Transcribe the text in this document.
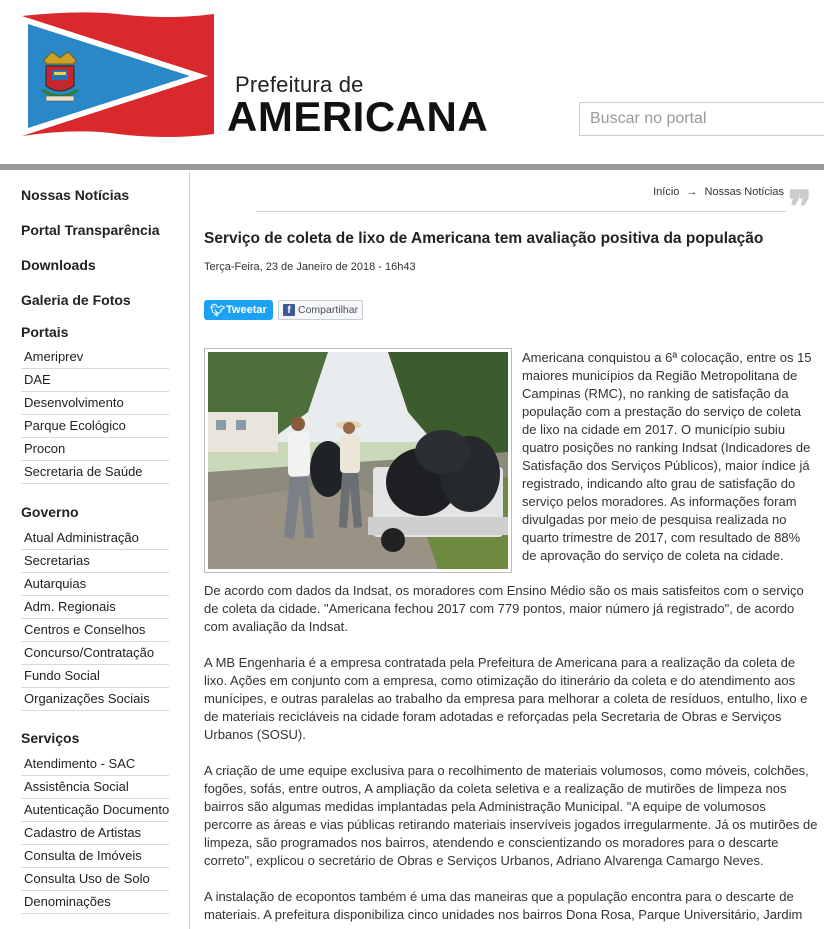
Prefeitura de
AMERICANA
Buscar no portal
Nossas Notícias
Portal Transparência
Downloads
Galeria de Fotos
Portais
Ameriprev
DAE
Desenvolvimento
Parque Ecológico
Procon
Secretaria de Saúde
Governo
Atual Administração
Secretarias
Autarquias
Adm. Regionais
Centros e Conselhos
Concurso/Contratação
Fundo Social
Organizações Sociais
Serviços
Atendimento - SAC
Assistência Social
Autenticação Documento
Cadastro de Artistas
Consulta de Imóveis
Consulta Uso de Solo
Denominações
Início → Nossas Notícias ❞
Serviço de coleta de lixo de Americana tem avaliação positiva da população
Terça-Feira, 23 de Janeiro de 2018 - 16h43
🐦︎ Tweetar	f Compartilhar
Americana conquistou a 6ª colocação, entre os 15
maiores municípios da Região Metropolitana de
Campinas (RMC), no ranking de satisfação da
população com a prestação do serviço de coleta
de lixo na cidade em 2017. O município subiu
quatro posições no ranking Indsat (Indicadores de
Satisfação dos Serviços Públicos), maior índice já
registrado, indicando alto grau de satisfação do
serviço pelos moradores. As informações foram
divulgadas por meio de pesquisa realizada no
quarto trimestre de 2017, com resultado de 88%
de aprovação do serviço de coleta na cidade.
De acordo com dados da Indsat, os moradores com Ensino Médio são os mais satisfeitos com o serviço
de coleta da cidade. "Americana fechou 2017 com 779 pontos, maior número já registrado", de acordo
com avaliação da Indsat.
A MB Engenharia é a empresa contratada pela Prefeitura de Americana para a realização da coleta de
lixo. Ações em conjunto com a empresa, como otimização do itinerário da coleta e do atendimento aos
munícipes, e outras paralelas ao trabalho da empresa para melhorar a coleta de resíduos, entulho, lixo e
de materiais recicláveis na cidade foram adotadas e reforçadas pela Secretaria de Obras e Serviços
Urbanos (SOSU).
A criação de ume equipe exclusiva para o recolhimento de materiais volumosos, como móveis, colchões,
fogões, sofás, entre outros, A ampliação da coleta seletiva e a realização de mutirões de limpeza nos
bairros são algumas medidas implantadas pela Administração Municipal. "A equipe de volumosos
percorre as áreas e vias públicas retirando materiais inservíveis jogados irregularmente. Já os mutirões de
limpeza, são programados nos bairros, atendendo e conscientizando os moradores para o descarte
correto", explicou o secretário de Obras e Serviços Urbanos, Adriano Alvarenga Camargo Neves.
A instalação de ecopontos também é uma das maneiras que a população encontra para o descarte de
materiais. A prefeitura disponibiliza cinco unidades nos bairros Dona Rosa, Parque Universitário, Jardim
